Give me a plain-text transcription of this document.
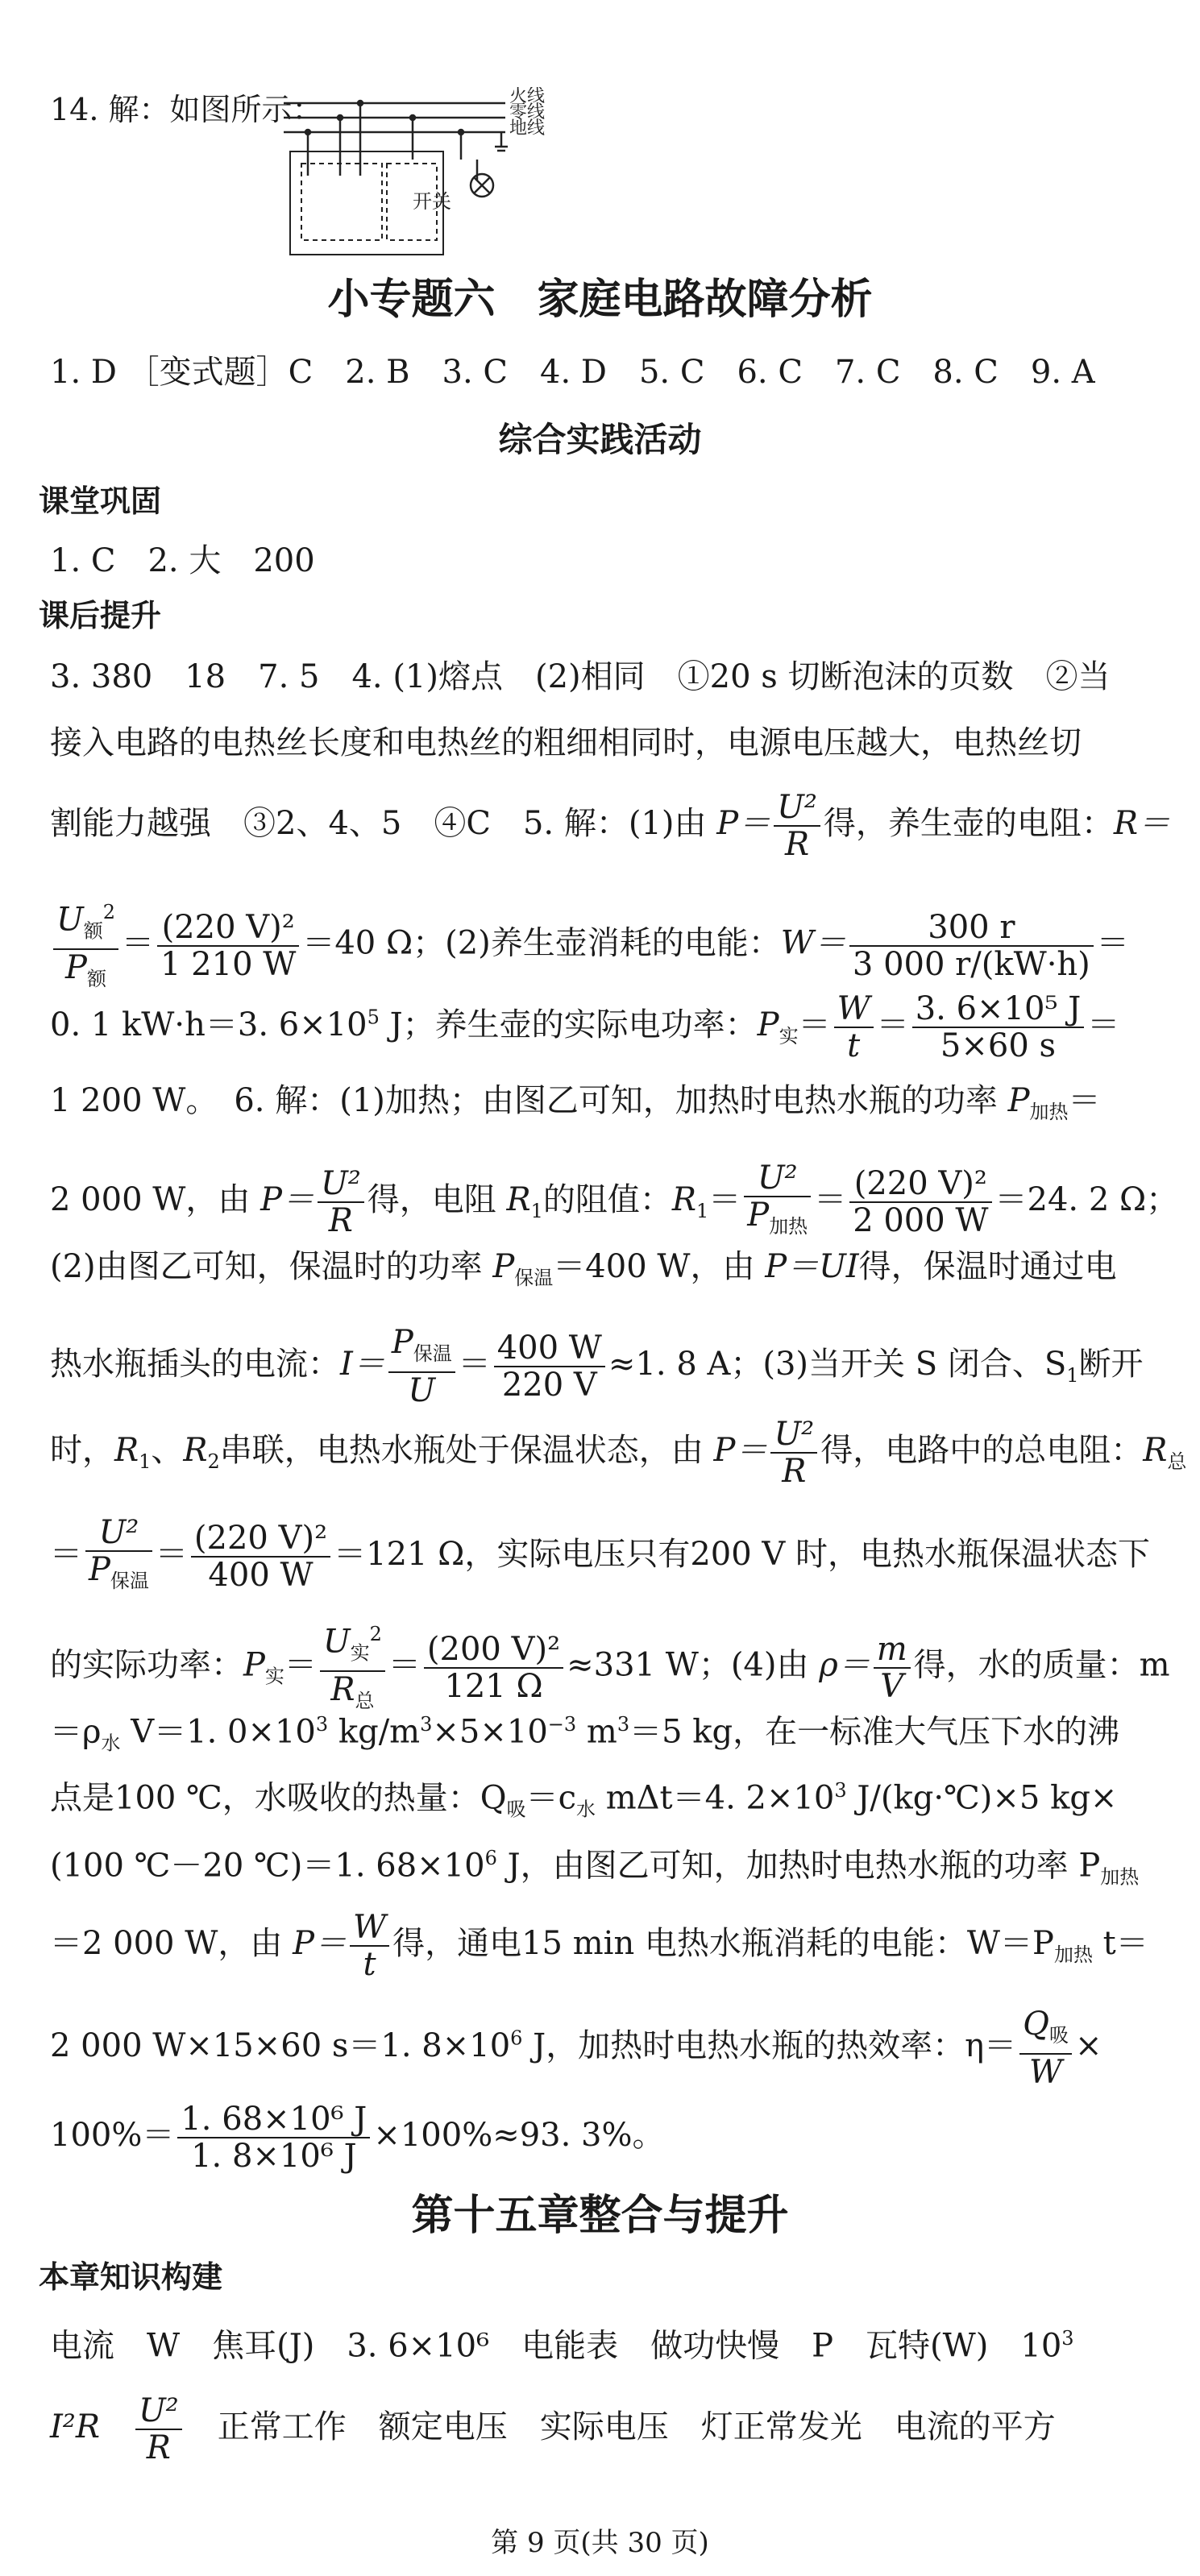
14. 解：如图所示：
开关
火线
零线
地线
小专题六　家庭电路故障分析
1. D ［变式题］C　2. B　3. C　4. D　5. C　6. C　7. C　8. C　9. A
综合实践活动
课堂巩固
1. C　2. 大　200
课后提升
3. 380　18　7. 5　4. (1)熔点　(2)相同　①20 s 切断泡沫的页数　②当
接入电路的电热丝长度和电热丝的粗细相同时，电源电压越大，电热丝切
割能力越强　③2、4、5　④C　5. 解：(1)由 $P= \frac{\text{U²}}{R}$ 得，养生壶的电阻：R＝
$\frac{U_额^2}{P_额} = \frac{\text{(220 V)²}}{1 210 W} =40$ Ω；(2)养生壶消耗的电能：$W= \frac{300 r}{3 000 r/(kW\cdot h)}$ ＝
0. 1 kW·h＝3. $6\times 10^5$ J；养生壶的实际电功率：$P_实= \frac{W}{t} = \frac{\text{3. 6×10⁵ J}}{5\times 60 s}$ ＝
1 200 W。　6. 解：(1)加热；由图乙可知，加热时电热水瓶的功率 $P_{加热}=$
2 000 W，由 $P= \frac{\text{U²}}{R}$ 得，电阻 $R_1$的阻值：$R_1= \frac{\text{U²}}{P_{加热}} = \frac{\text{(220 V)²}}{2 000 W} =24$. 2 Ω；
(2)由图乙可知，保温时的功率 $P_{保温}=400$ W，由 P＝UI得，保温时通过电
热水瓶插头的电流：$I= \frac{P_{保温}}{U} = \frac{400 W}{220 V} \approx 1$. 8 A；(3)当开关 S 闭合、$S_1$断开
时，$R_1$、$R_2$串联，电热水瓶处于保温状态，由 $P= \frac{\text{U²}}{R}$ 得，电路中的总电阻：$R_总$
＝ $\frac{\text{U²}}{P_{保温}} = \frac{\text{(220 V)²}}{400 W} =121$ Ω，实际电压只有200 V 时，电热水瓶保温状态下
的实际功率：$P_实= \frac{U_实^2}{R_总} = \frac{\text{(200 V)²}}{121 \Omega} \approx 331$ W；(4)由 $\rho= \frac{m}{V}$ 得，水的质量：m
$=\rho_水$ V＝1. $0\times 10^3$ $kg/m^3\times 5\times 10^{-3}$ $m^3=5$ kg，在一标准大气压下水的沸
点是100 ℃，水吸收的热量：$Q_吸=c_水$ mΔt＝4. $2\times 10^3$ J/(kg·℃)×5 kg×
(100 ℃－20 ℃)＝1. $68\times 10^6$ J，由图乙可知，加热时电热水瓶的功率 $P_{加热}$
＝2 000 W，由 $P= \frac{W}{t}$ 得，通电15 min 电热水瓶消耗的电能：$W=P_{加热}$ t＝
2 000 W×15×60 s＝1. $8\times 10^6$ J，加热时电热水瓶的热效率：$\eta= \frac{Q_吸}{W}$ ×
$100\%= \frac{\text{1. 68×10⁶ J}}{\text{1. 8×10⁶ J}} \times 100\%\approx 93$. 3%。
第十五章整合与提升
本章知识构建
电流　W　焦耳(J)　3. 6×10⁶　电能表　做功快慢　P　瓦特(W)　$10^3$
I²R　 $\frac{\text{U²}}{R}$ 　正常工作　额定电压　实际电压　灯正常发光　电流的平方
第 9 页(共 30 页)
